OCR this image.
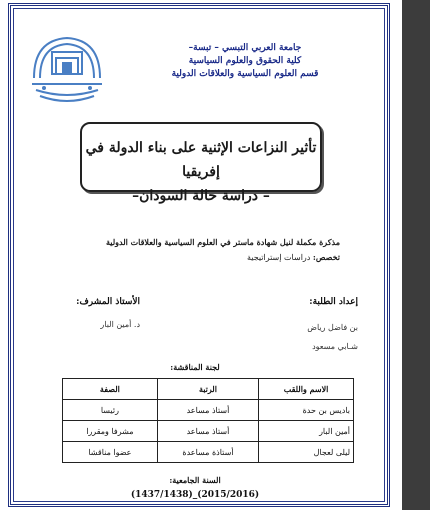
جامعة العربي التبسي – تبسة–
كلية الحقوق والعلوم السياسية
قسم العلوم السياسية والعلاقات الدولية
تأثير النزاعات الإثنية على بناء الدولة في إفريقيا
– دراسة حالة السودان–
مذكرة مكملة لنيل شهادة ماستر في العلوم السياسية والعلاقات الدولية
تخصص: دراسات إستراتيجية
إعداد الطلبة:
بن فاضل رياض
شـابي مسعود
الأستاذ المشرف:
د. أمين البار
لجنة المناقشة:
الاسم واللقب	الرتبة	الصفة
باديس بن حدة	أستاذ مساعد	رئيسا
أمين البار	أستاذ مساعد	مشرفا ومقررا
ليلى لعجال	أستاذة مساعدة	عضوا مناقشا
السنة الجامعية:
(1437/1438)_(2015/2016)
